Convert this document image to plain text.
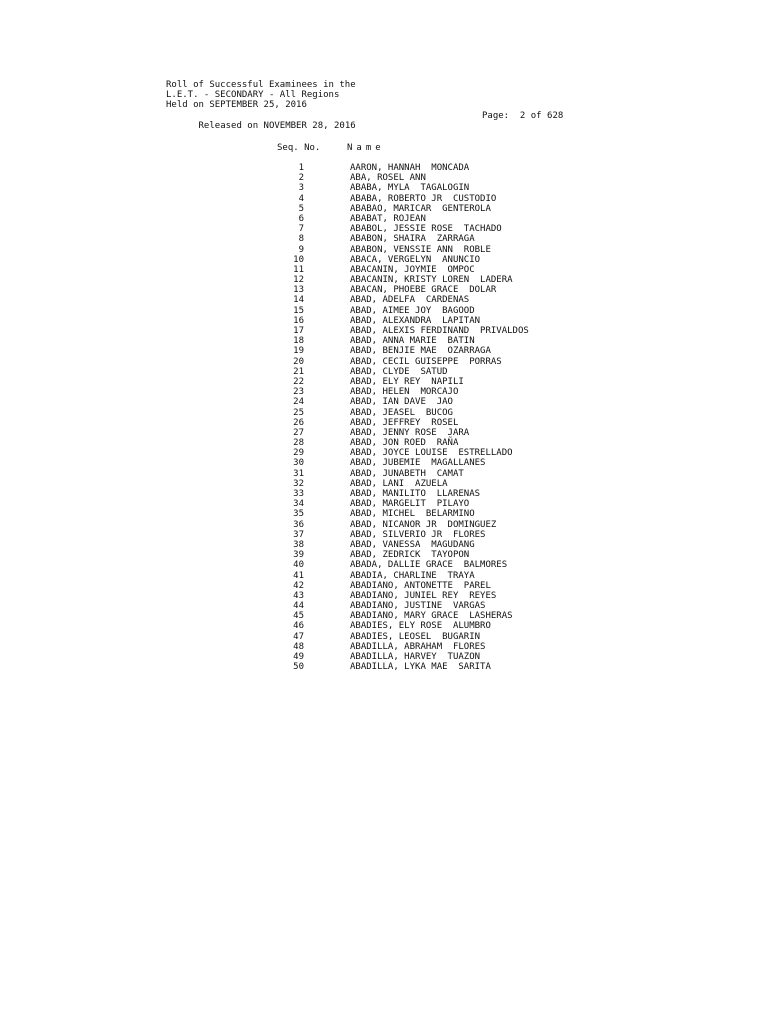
Roll of Successful Examinees in the
L.E.T. - SECONDARY - All Regions
Held on SEPTEMBER 25, 2016

Released on NOVEMBER 28, 2016

Page:  2 of 628

Seq. No.	Name
1	AARON, HANNAH  MONCADA
2	ABA, ROSEL ANN
3	ABABA, MYLA  TAGALOGIN
4	ABABA, ROBERTO JR  CUSTODIO
5	ABABAO, MARICAR  GENTEROLA
6	ABABAT, ROJEAN
7	ABABOL, JESSIE ROSE  TACHADO
8	ABABON, SHAIRA  ZARRAGA
9	ABABON, VENSSIE ANN  ROBLE
10	ABACA, VERGELYN  ANUNCIO
11	ABACANIN, JOYMIE  OMPOC
12	ABACANIN, KRISTY LOREN  LADERA
13	ABACAN, PHOEBE GRACE  DOLAR
14	ABAD, ADELFA  CARDENAS
15	ABAD, AIMEE JOY  BAGOOD
16	ABAD, ALEXANDRA  LAPITAN
17	ABAD, ALEXIS FERDINAND  PRIVALDOS
18	ABAD, ANNA MARIE  BATIN
19	ABAD, BENJIE MAE  OZARRAGA
20	ABAD, CECIL GUISEPPE  PORRAS
21	ABAD, CLYDE  SATUD
22	ABAD, ELY REY  NAPILI
23	ABAD, HELEN  MORCAJO
24	ABAD, IAN DAVE  JAO
25	ABAD, JEASEL  BUCOG
26	ABAD, JEFFREY  ROSEL
27	ABAD, JENNY ROSE  JARA
28	ABAD, JON ROED  RAÑA
29	ABAD, JOYCE LOUISE  ESTRELLADO
30	ABAD, JUBEMIE  MAGALLANES
31	ABAD, JUNABETH  CAMAT
32	ABAD, LANI  AZUELA
33	ABAD, MANILITO  LLARENAS
34	ABAD, MARGELIT  PILAYO
35	ABAD, MICHEL  BELARMINO
36	ABAD, NICANOR JR  DOMINGUEZ
37	ABAD, SILVERIO JR  FLORES
38	ABAD, VANESSA  MAGUDANG
39	ABAD, ZEDRICK  TAYOPON
40	ABADA, DALLIE GRACE  BALMORES
41	ABADIA, CHARLINE  TRAYA
42	ABADIANO, ANTONETTE  PAREL
43	ABADIANO, JUNIEL REY  REYES
44	ABADIANO, JUSTINE  VARGAS
45	ABADIANO, MARY GRACE  LASHERAS
46	ABADIES, ELY ROSE  ALUMBRO
47	ABADIES, LEOSEL  BUGARIN
48	ABADILLA, ABRAHAM  FLORES
49	ABADILLA, HARVEY  TUAZON
50	ABADILLA, LYKA MAE  SARITA
